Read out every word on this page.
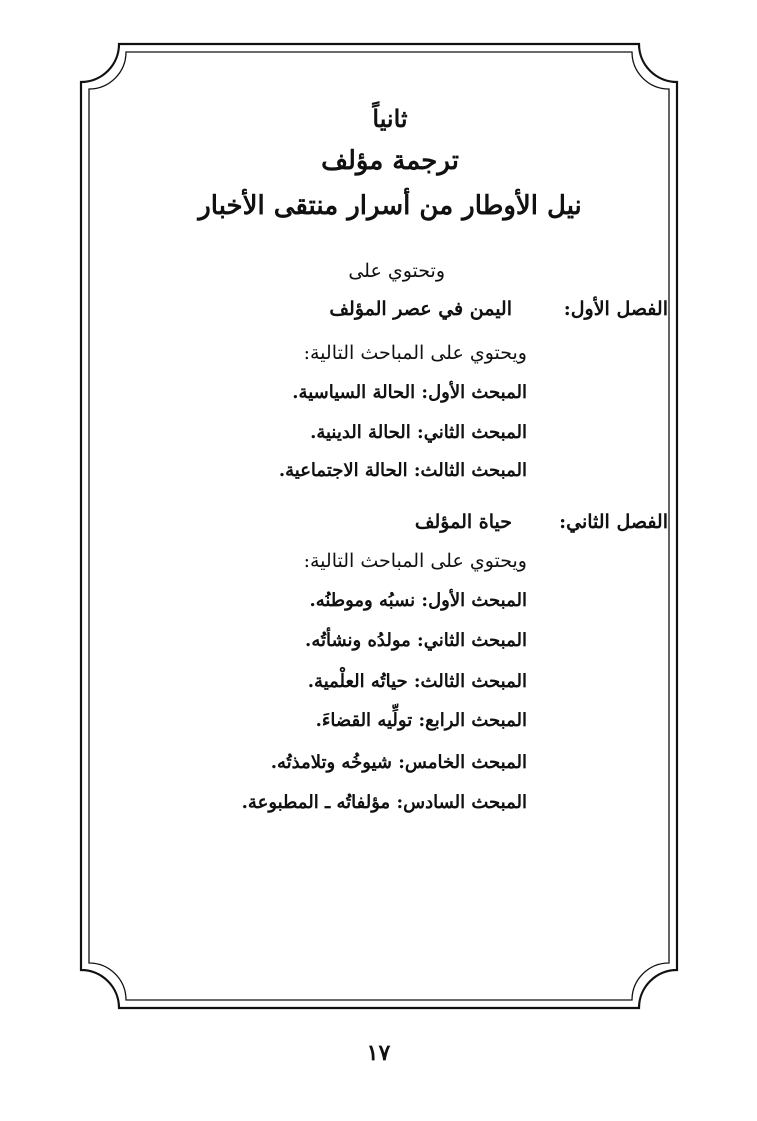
ثانياً
ترجمة مؤلف
نيل الأوطار من أسرار منتقى الأخبار
وتحتوي على
الفصل الأول:
اليمن في عصر المؤلف
ويحتوي على المباحث التالية:
المبحث الأول: الحالة السياسية.
المبحث الثاني: الحالة الدينية.
المبحث الثالث: الحالة الاجتماعية.
الفصل الثاني:
حياة المؤلف
ويحتوي على المباحث التالية:
المبحث الأول: نسبُه وموطنُه.
المبحث الثاني: مولدُه ونشأتُه.
المبحث الثالث: حياتُه العلْمية.
المبحث الرابع: تولِّيه القضاءَ.
المبحث الخامس: شيوخُه وتلامذتُه.
المبحث السادس: مؤلفاتُه ـ المطبوعة.
١٧
